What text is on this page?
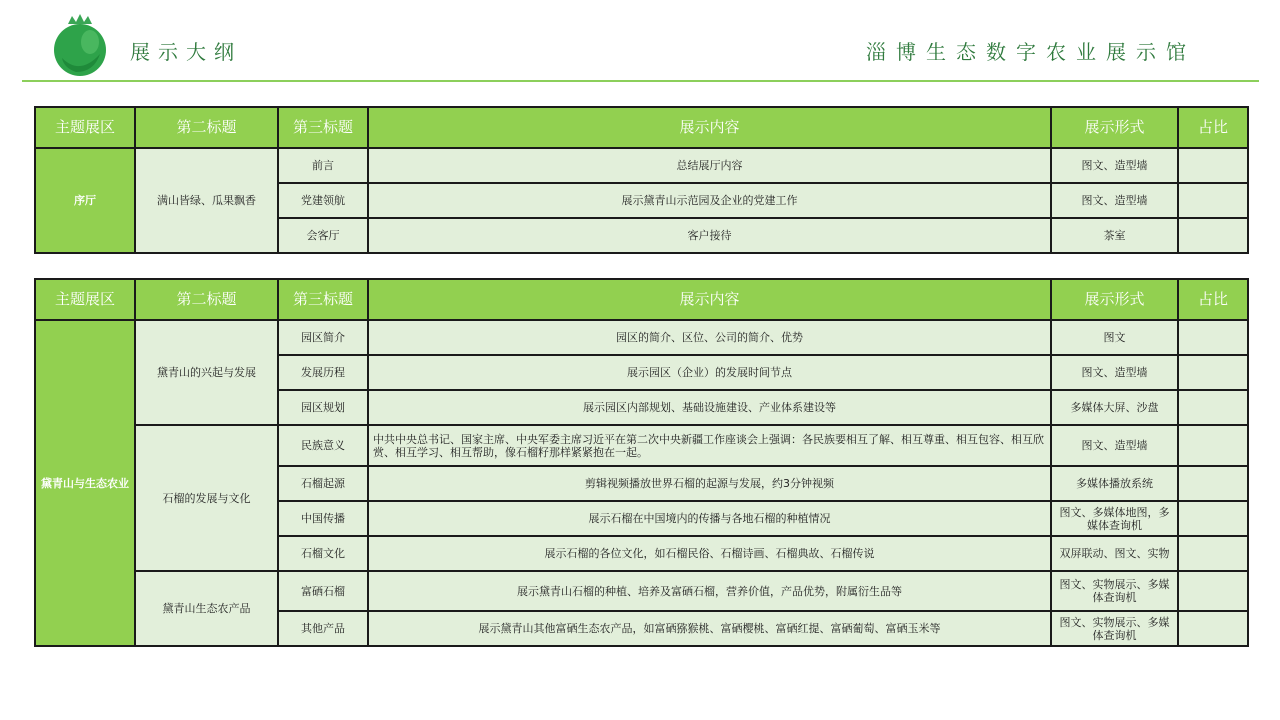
展示大纲	淄博生态数字农业展示馆
主题展区	第二标题	第三标题	展示内容	展示形式	占比
序厅	满山皆绿、瓜果飘香	前言	总结展厅内容	图文、造型墙	
		党建领航	展示黛青山示范园及企业的党建工作	图文、造型墙	
		会客厅	客户接待	茶室	
主题展区	第二标题	第三标题	展示内容	展示形式	占比
黛青山与生态农业	黛青山的兴起与发展	园区简介	园区的简介、区位、公司的简介、优势	图文	
		发展历程	展示园区（企业）的发展时间节点	图文、造型墙	
		园区规划	展示园区内部规划、基础设施建设、产业体系建设等	多媒体大屏、沙盘	
	石榴的发展与文化	民族意义	中共中央总书记、国家主席、中央军委主席习近平在第二次中央新疆工作座谈会上强调：各民族要相互了解、相互尊重、相互包容、相互欣赏、相互学习、相互帮助，像石榴籽那样紧紧抱在一起。	图文、造型墙	
		石榴起源	剪辑视频播放世界石榴的起源与发展，约3分钟视频	多媒体播放系统	
		中国传播	展示石榴在中国境内的传播与各地石榴的种植情况	图文、多媒体地图，多媒体查询机	
		石榴文化	展示石榴的各位文化，如石榴民俗、石榴诗画、石榴典故、石榴传说	双屏联动、图文、实物	
	黛青山生态农产品	富硒石榴	展示黛青山石榴的种植、培养及富硒石榴，营养价值，产品优势，附属衍生品等	图文、实物展示、多媒体查询机	
		其他产品	展示黛青山其他富硒生态农产品，如富硒猕猴桃、富硒樱桃、富硒红提、富硒葡萄、富硒玉米等	图文、实物展示、多媒体查询机	
